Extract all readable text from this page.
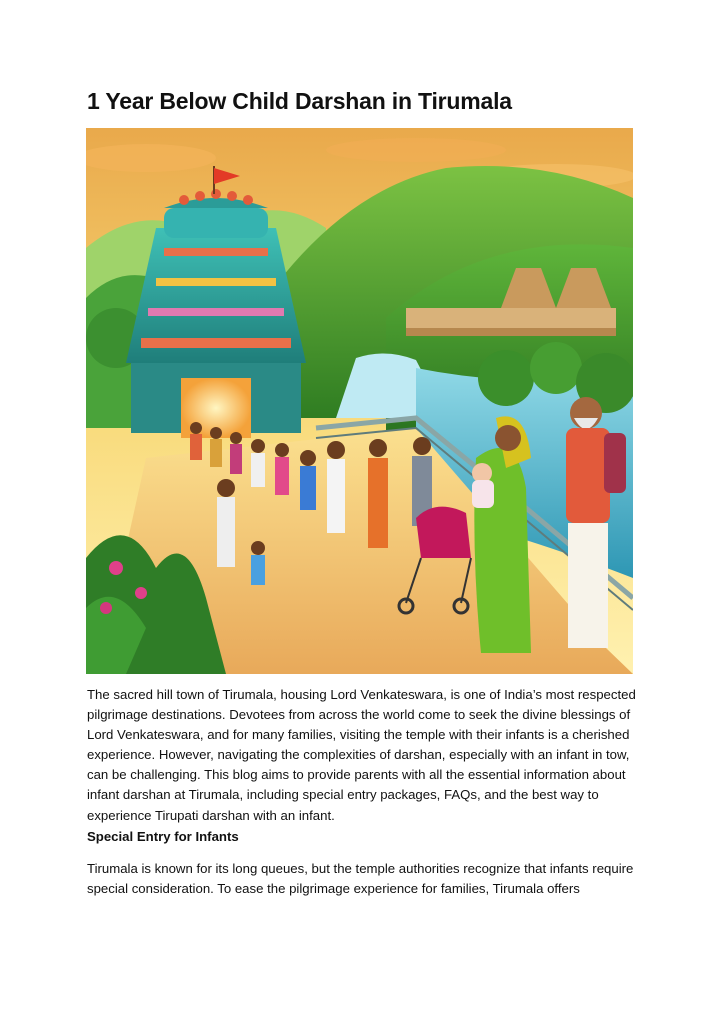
1 Year Below Child Darshan in Tirumala

The sacred hill town of Tirumala, housing Lord Venkateswara, is one of India’s most respected pilgrimage destinations. Devotees from across the world come to seek the divine blessings of Lord Venkateswara, and for many families, visiting the temple with their infants is a cherished experience. However, navigating the complexities of darshan, especially with an infant in tow, can be challenging. This blog aims to provide parents with all the essential information about infant darshan at Tirumala, including special entry packages, FAQs, and the best way to experience Tirupati darshan with an infant.

Special Entry for Infants

Tirumala is known for its long queues, but the temple authorities recognize that infants require special consideration. To ease the pilgrimage experience for families, Tirumala offers
